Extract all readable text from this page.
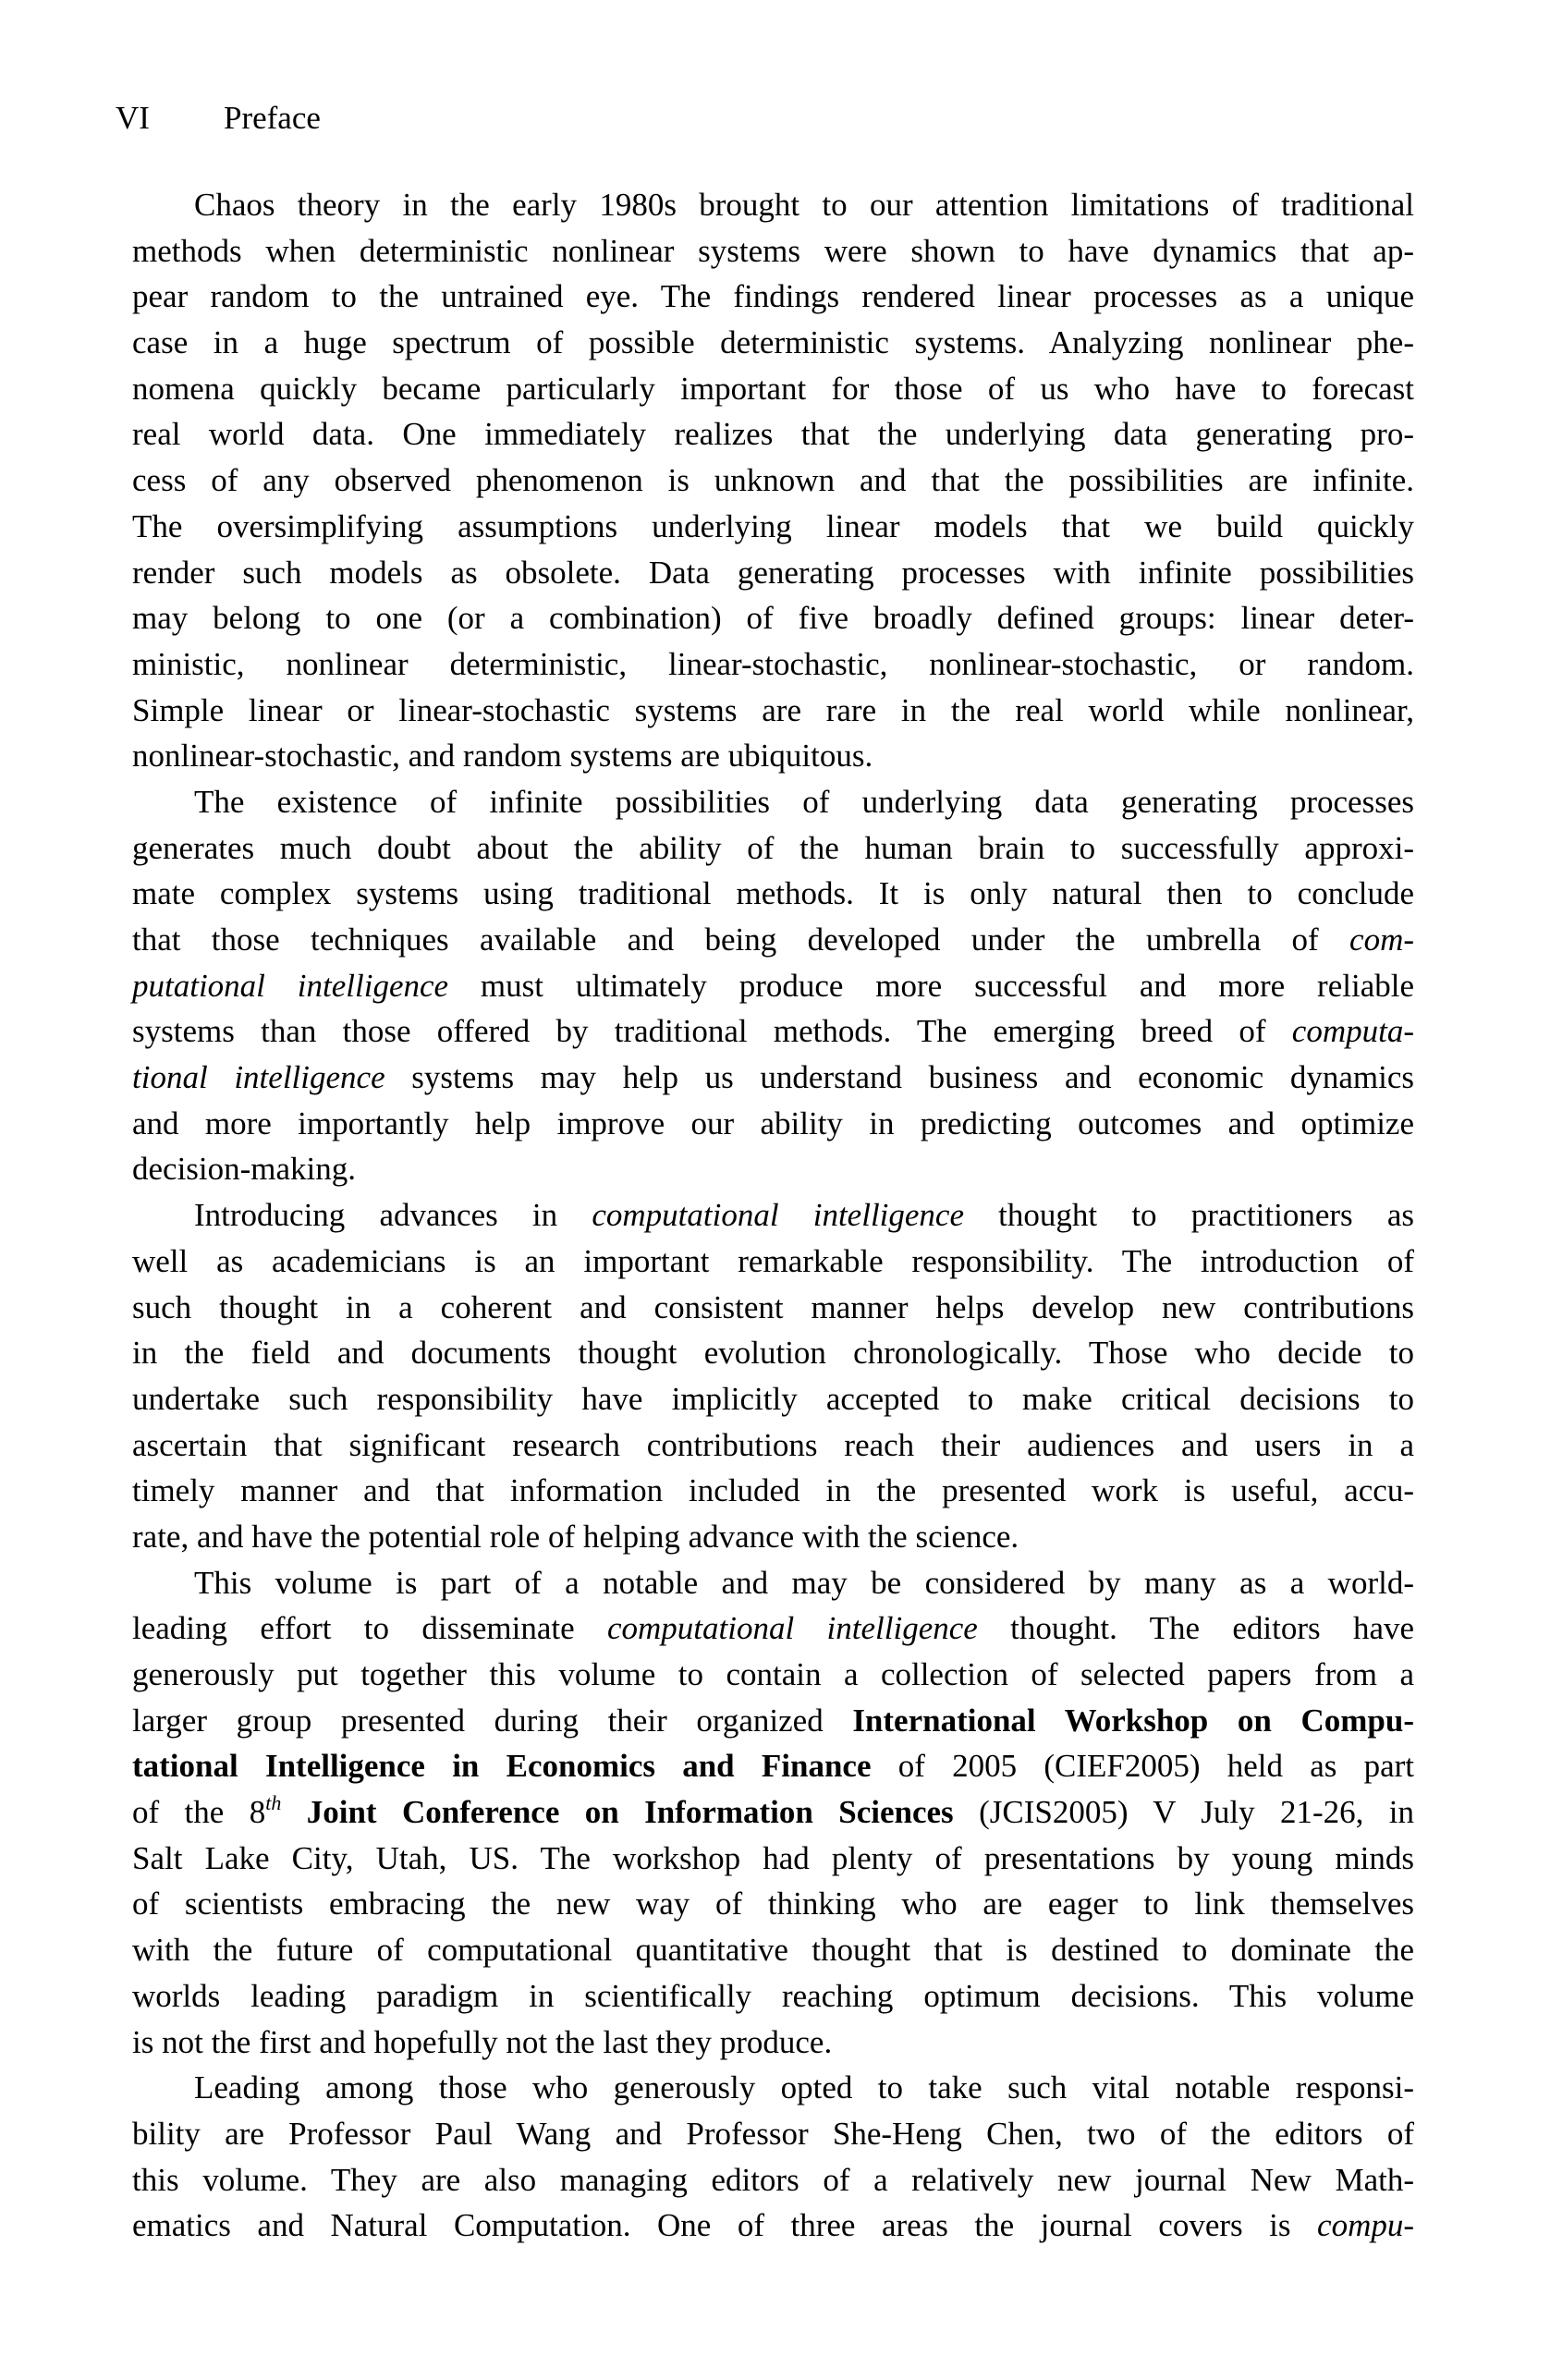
VI Preface
Chaos theory in the early 1980s brought to our attention limitations of traditional
methods when deterministic nonlinear systems were shown to have dynamics that ap-
pear random to the untrained eye. The findings rendered linear processes as a unique
case in a huge spectrum of possible deterministic systems. Analyzing nonlinear phe-
nomena quickly became particularly important for those of us who have to forecast
real world data. One immediately realizes that the underlying data generating pro-
cess of any observed phenomenon is unknown and that the possibilities are infinite.
The oversimplifying assumptions underlying linear models that we build quickly
render such models as obsolete. Data generating processes with infinite possibilities
may belong to one (or a combination) of five broadly defined groups: linear deter-
ministic, nonlinear deterministic, linear-stochastic, nonlinear-stochastic, or random.
Simple linear or linear-stochastic systems are rare in the real world while nonlinear,
nonlinear-stochastic, and random systems are ubiquitous.
The existence of infinite possibilities of underlying data generating processes
generates much doubt about the ability of the human brain to successfully approxi-
mate complex systems using traditional methods. It is only natural then to conclude
that those techniques available and being developed under the umbrella of com-
putational intelligence must ultimately produce more successful and more reliable
systems than those offered by traditional methods. The emerging breed of computa-
tional intelligence systems may help us understand business and economic dynamics
and more importantly help improve our ability in predicting outcomes and optimize
decision-making.
Introducing advances in computational intelligence thought to practitioners as
well as academicians is an important remarkable responsibility. The introduction of
such thought in a coherent and consistent manner helps develop new contributions
in the field and documents thought evolution chronologically. Those who decide to
undertake such responsibility have implicitly accepted to make critical decisions to
ascertain that significant research contributions reach their audiences and users in a
timely manner and that information included in the presented work is useful, accu-
rate, and have the potential role of helping advance with the science.
This volume is part of a notable and may be considered by many as a world-
leading effort to disseminate computational intelligence thought. The editors have
generously put together this volume to contain a collection of selected papers from a
larger group presented during their organized International Workshop on Compu-
tational Intelligence in Economics and Finance of 2005 (CIEF2005) held as part
of the 8th Joint Conference on Information Sciences (JCIS2005) V July 21-26, in
Salt Lake City, Utah, US. The workshop had plenty of presentations by young minds
of scientists embracing the new way of thinking who are eager to link themselves
with the future of computational quantitative thought that is destined to dominate the
worlds leading paradigm in scientifically reaching optimum decisions. This volume
is not the first and hopefully not the last they produce.
Leading among those who generously opted to take such vital notable responsi-
bility are Professor Paul Wang and Professor She-Heng Chen, two of the editors of
this volume. They are also managing editors of a relatively new journal New Math-
ematics and Natural Computation. One of three areas the journal covers is compu-
